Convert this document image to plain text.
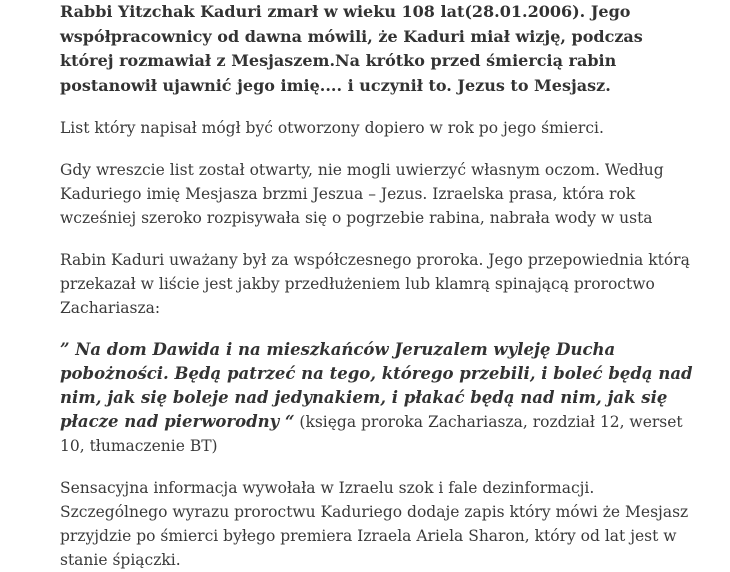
Rabbi Yitzchak Kaduri zmarł w wieku 108 lat(28.01.2006). Jego współpracownicy od dawna mówili, że Kaduri miał wizję, podczas której rozmawiał z Mesjaszem.Na krótko przed śmiercią rabin postanowił ujawnić jego imię.... i uczynił to. Jezus to Mesjasz.

List który napisał mógł być otworzony dopiero w rok po jego śmierci.

Gdy wreszcie list został otwarty, nie mogli uwierzyć własnym oczom. Według Kaduriego imię Mesjasza brzmi Jeszua – Jezus. Izraelska prasa, która rok wcześniej szeroko rozpisywała się o pogrzebie rabina, nabrała wody w usta

Rabin Kaduri uważany był za współczesnego proroka. Jego przepowiednia którą przekazał w liście jest jakby przedłużeniem lub klamrą spinającą proroctwo Zachariasza:

” Na dom Dawida i na mieszkańców Jeruzalem wyleję Ducha pobożności. Będą patrzeć na tego, którego przebili, i boleć będą nad nim, jak się boleje nad jedynakiem, i płakać będą nad nim, jak się płacze nad pierworodny “ (księga proroka Zachariasza, rozdział 12, werset 10, tłumaczenie BT)

Sensacyjna informacja wywołała w Izraelu szok i fale dezinformacji. Szczególnego wyrazu proroctwu Kaduriego dodaje zapis który mówi że Mesjasz przyjdzie po śmierci byłego premiera Izraela Ariela Sharon, który od lat jest w stanie śpiączki.
